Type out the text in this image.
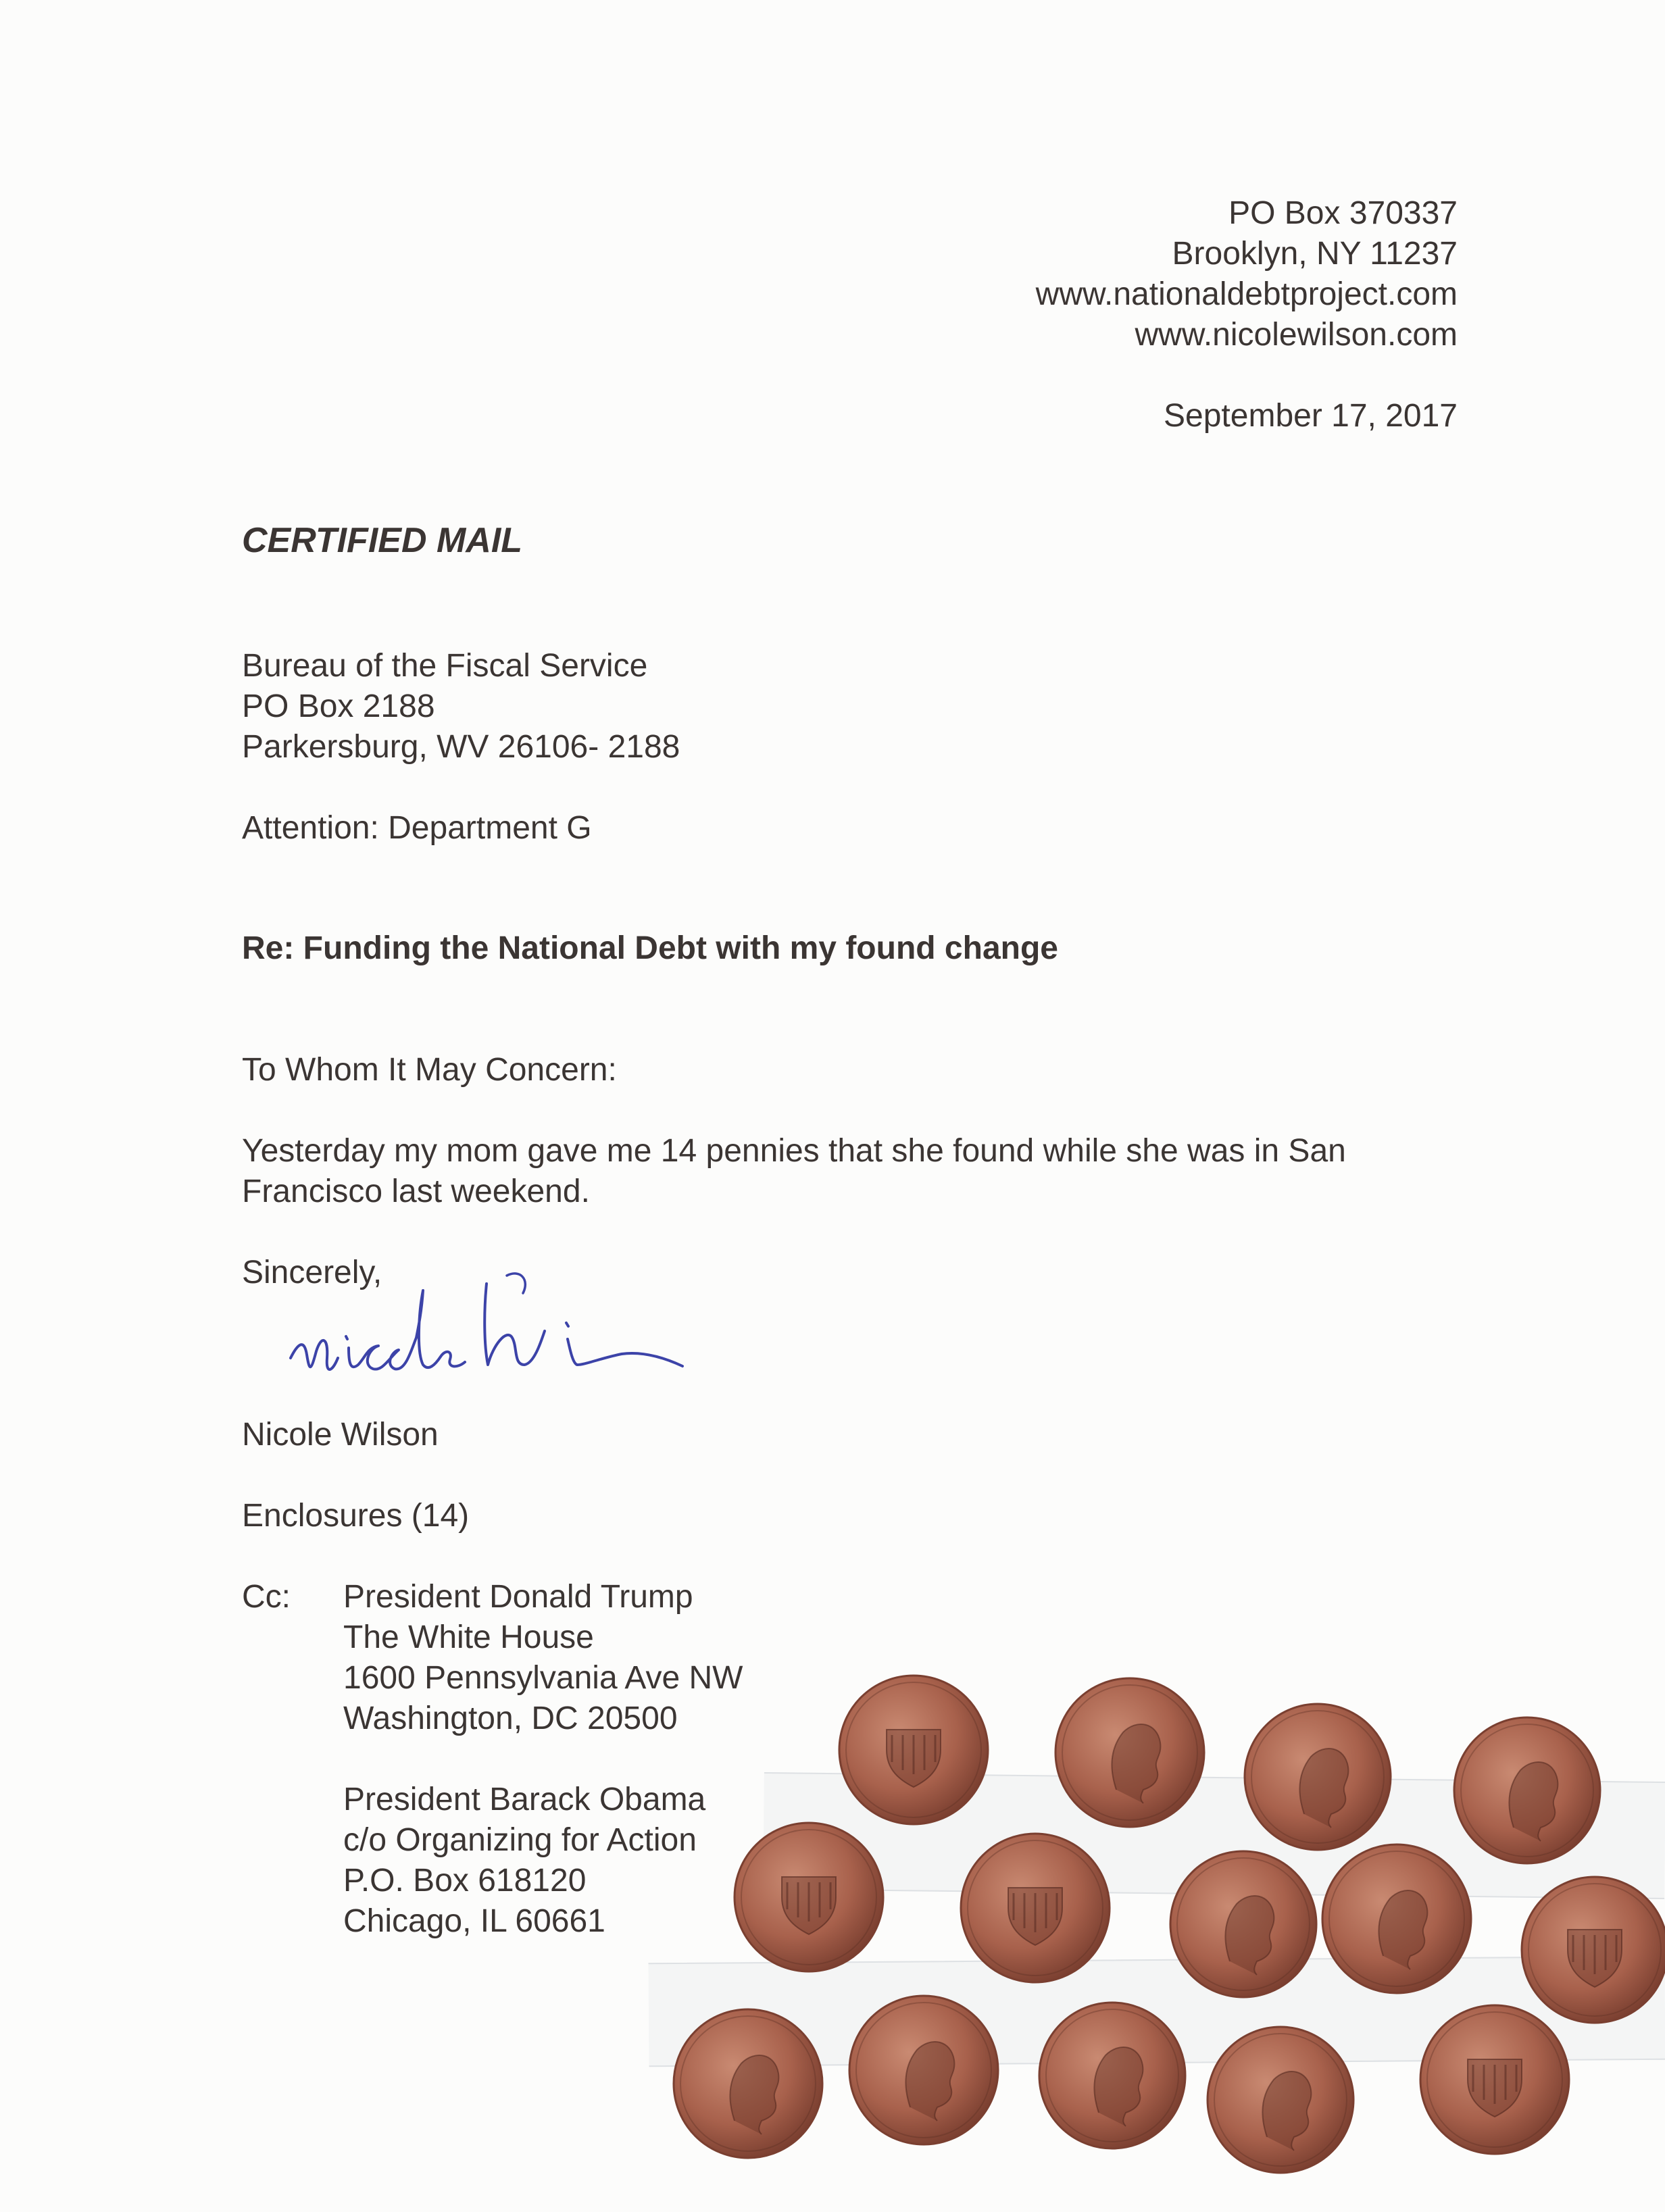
PO Box 370337

Brooklyn, NY 11237

www.nationaldebtproject.com

www.nicolewilson.com

September 17, 2017

CERTIFIED MAIL

Bureau of the Fiscal Service

PO Box 2188

Parkersburg, WV 26106- 2188

Attention: Department G

Re: Funding the National Debt with my found change

To Whom It May Concern:

Yesterday my mom gave me 14 pennies that she found while she was in San

Francisco last weekend.

Sincerely,

Nicole Wilson

Enclosures (14)

Cc: President Donald Trump

The White House

1600 Pennsylvania Ave NW

Washington, DC 20500

President Barack Obama

c/o Organizing for Action

P.O. Box 618120

Chicago, IL 60661
